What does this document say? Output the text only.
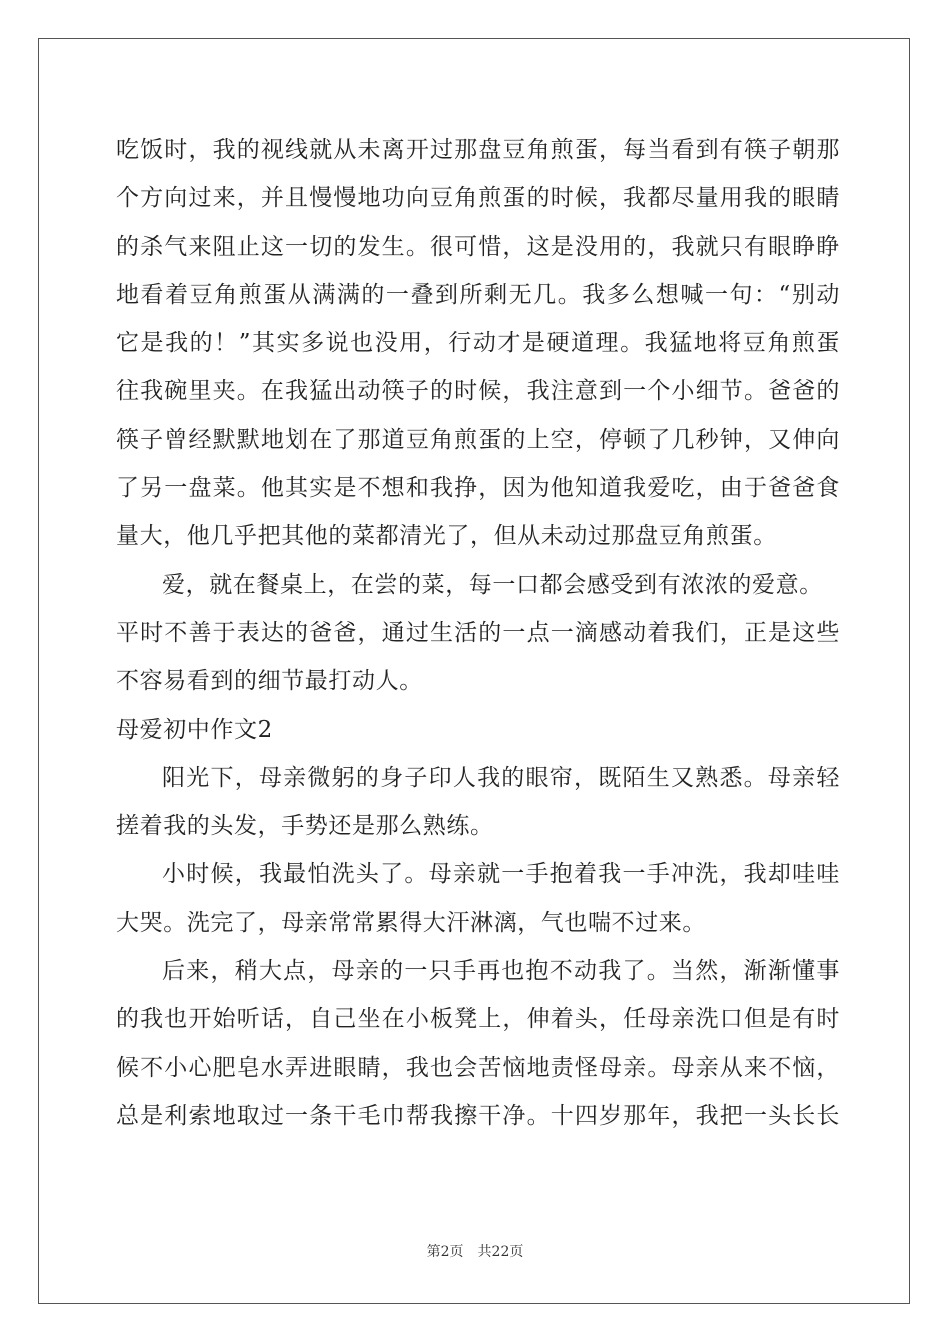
吃饭时，我的视线就从未离开过那盘豆角煎蛋，每当看到有筷子朝那
个方向过来，并且慢慢地功向豆角煎蛋的时候，我都尽量用我的眼睛
的杀气来阻止这一切的发生。很可惜，这是没用的，我就只有眼睁睁
地看着豆角煎蛋从满满的一叠到所剩无几。我多么想喊一句：“别动
它是我的！”其实多说也没用，行动才是硬道理。我猛地将豆角煎蛋
往我碗里夹。在我猛出动筷子的时候，我注意到一个小细节。爸爸的
筷子曾经默默地划在了那道豆角煎蛋的上空，停顿了几秒钟，又伸向
了另一盘菜。他其实是不想和我挣，因为他知道我爱吃，由于爸爸食
量大，他几乎把其他的菜都清光了，但从未动过那盘豆角煎蛋。
爱，就在餐桌上，在尝的菜，每一口都会感受到有浓浓的爱意。
平时不善于表达的爸爸，通过生活的一点一滴感动着我们，正是这些
不容易看到的细节最打动人。
母爱初中作文2
阳光下，母亲微躬的身子印人我的眼帘，既陌生又熟悉。母亲轻
搓着我的头发，手势还是那么熟练。
小时候，我最怕洗头了。母亲就一手抱着我一手冲洗，我却哇哇
大哭。洗完了，母亲常常累得大汗淋漓，气也喘不过来。
后来，稍大点，母亲的一只手再也抱不动我了。当然，渐渐懂事
的我也开始听话，自己坐在小板凳上，伸着头，任母亲洗口但是有时
候不小心肥皂水弄进眼睛，我也会苦恼地责怪母亲。母亲从来不恼，
总是利索地取过一条干毛巾帮我擦干净。十四岁那年，我把一头长长
第2页 共22页
